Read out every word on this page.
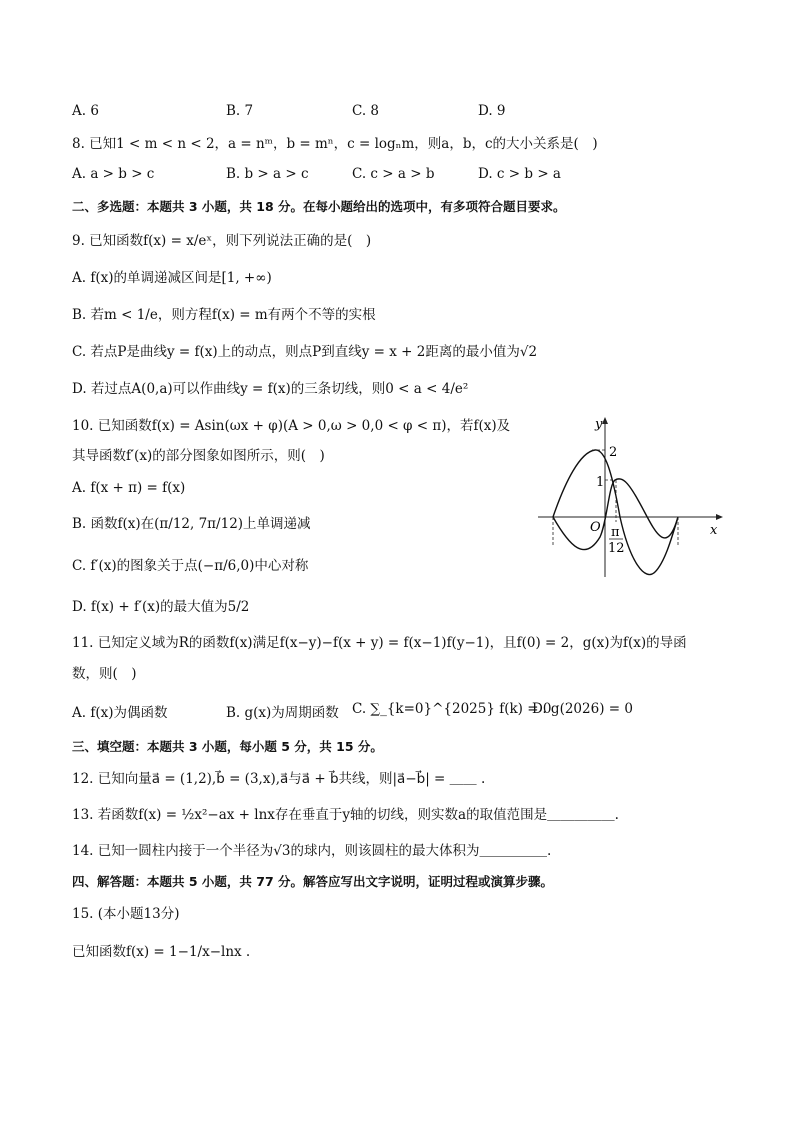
A. 6	B. 7	C. 8	D. 9
8. 已知1 < m < n < 2，a = nᵐ，b = mⁿ，c = logₙm，则a，b，c的大小关系是(　)
A. a > b > c	B. b > a > c	C. c > a > b	D. c > b > a
二、多选题：本题共 3 小题，共 18 分。在每小题给出的选项中，有多项符合题目要求。
9. 已知函数f(x) = x/eˣ，则下列说法正确的是(　)
A. f(x)的单调递减区间是[1, +∞)
B. 若m < 1/e，则方程f(x) = m有两个不等的实根
C. 若点P是曲线y = f(x)上的动点，则点P到直线y = x + 2距离的最小值为√2
D. 若过点A(0,a)可以作曲线y = f(x)的三条切线，则0 < a < 4/e²
10. 已知函数f(x) = Asin(ωx + φ)(A > 0,ω > 0,0 < φ < π)，若f(x)及
其导函数f′(x)的部分图象如图所示，则(　)
A. f(x + π) = f(x)
B. 函数f(x)在(π/12, 7π/12)上单调递减
C. f′(x)的图象关于点(−π/6,0)中心对称
D. f(x) + f′(x)的最大值为5/2
y
x
O
2
1
π
12
11. 已知定义域为R的函数f(x)满足f(x−y)−f(x + y) = f(x−1)f(y−1)，且f(0) = 2，g(x)为f(x)的导函
数，则(　)
A. f(x)为偶函数	B. g(x)为周期函数 C. ∑_{k=0}^{2025} f(k) = 0
D. g(2026) = 0
三、填空题：本题共 3 小题，每小题 5 分，共 15 分。
12. 已知向量a⃗ = (1,2),b⃗ = (3,x),a⃗与a⃗ + b⃗共线，则|a⃗−b⃗| = ＿＿ .
13. 若函数f(x) = ½x²−ax + lnx存在垂直于y轴的切线，则实数a的取值范围是＿＿＿＿＿.
14. 已知一圆柱内接于一个半径为√3的球内，则该圆柱的最大体积为＿＿＿＿＿.
四、解答题：本题共 5 小题，共 77 分。解答应写出文字说明，证明过程或演算步骤。
15. (本小题13分)
已知函数f(x) = 1−1/x−lnx .
